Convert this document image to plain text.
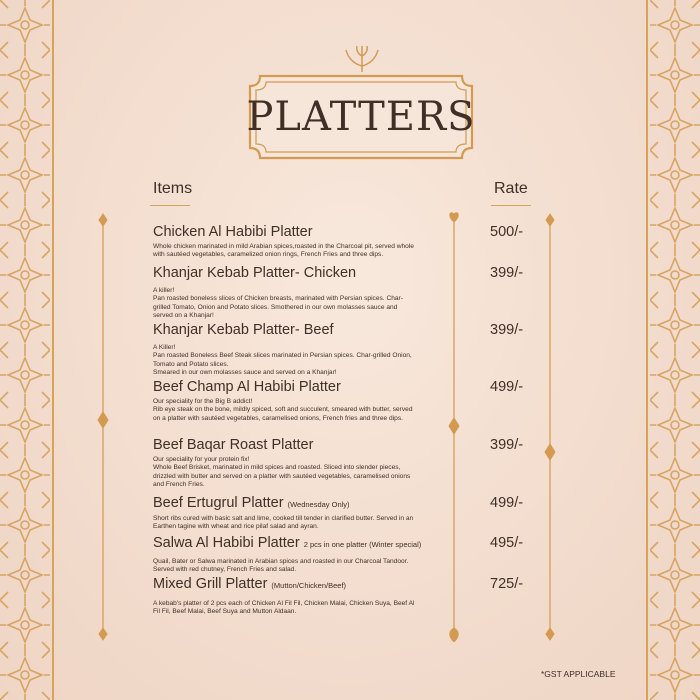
PLATTERS
Items	Rate
Chicken Al Habibi Platter
Whole chicken marinated in mild Arabian spices,roasted in the Charcoal pit, served whole with sautéed vegetables, caramelized onion rings, French Fries and three dips.
500/-
Khanjar Kebab Platter- Chicken
A killer!
Pan roasted boneless slices of Chicken breasts, marinated with Persian spices. Char-grilled Tomato, Onion and Potato slices. Smothered in our own molasses sauce and served on a Khanjar!
399/-
Khanjar Kebab Platter- Beef
A Killer!
Pan roasted Boneless Beef Steak slices marinated in Persian spices. Char-grilled Onion, Tomato and Potato slices.
Smeared in our own molasses sauce and served on a Khanjar!
399/-
Beef Champ Al Habibi Platter
Our speciality for the Big B addict!
Rib eye steak on the bone, mildly spiced, soft and succulent, smeared with butter, served on a platter with sautéed vegetables, caramelised onions, French fries and three dips.
499/-
Beef Baqar Roast Platter
Our speciality for your protein fix!
Whole Beef Brisket, marinated in mild spices and roasted. Sliced into slender pieces, drizzled with butter and served on a platter with sautéed vegetables, caramelised onions and French Fries.
399/-
Beef Ertugrul Platter (Wednesday Only)
Short ribs cured with basic salt and lime, cooked till tender in clarified butter. Served in an Earthen tagine with wheat and rice pilaf salad and ayran.
499/-
Salwa Al Habibi Platter 2 pcs in one platter (Winter special)
Quail, Bater or Salwa marinated in Arabian spices and roasted in our Charcoal Tandoor. Served with red chutney, French Fries and salad.
495/-
Mixed Grill Platter (Mutton/Chicken/Beef)
A kebab's platter of 2 pcs each of Chicken Al Fil Fil, Chicken Malai, Chicken Suya, Beef Al Fil Fil, Beef Malai, Beef Suya and Mutton Aldaan.
725/-
*GST APPLICABLE
